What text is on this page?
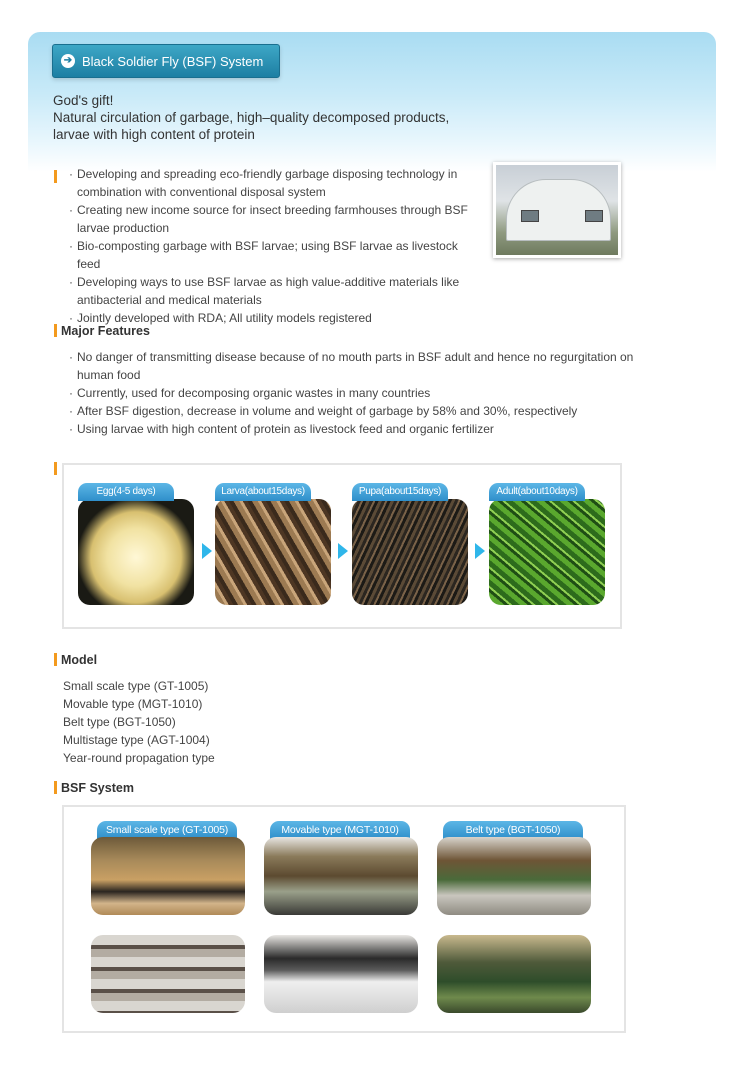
➔ Black Soldier Fly (BSF) System
God's gift!
Natural circulation of garbage, high–quality decomposed products,
larvae with high content of protein
· Developing and spreading eco-friendly garbage disposing technology in combination with conventional disposal system
· Creating new income source for insect breeding farmhouses through BSF larvae production
· Bio-composting garbage with BSF larvae; using BSF larvae as livestock feed
· Developing ways to use BSF larvae as high value-additive materials like antibacterial and medical materials
· Jointly developed with RDA; All utility models registered
Major Features
· No danger of transmitting disease because of no mouth parts in BSF adult and hence no regurgitation on human food
· Currently, used for decomposing organic wastes in many countries
· After BSF digestion, decrease in volume and weight of garbage by 58% and 30%, respectively
· Using larvae with high content of protein as livestock feed and organic fertilizer
Egg(4-5 days)	Larva(about15days)	Pupa(about15days)	Adult(about10days)
Model
Small scale type (GT-1005)
Movable type (MGT-1010)
Belt type (BGT-1050)
Multistage type (AGT-1004)
Year-round propagation type
BSF System
Small scale type (GT-1005)	Movable type (MGT-1010)	Belt type (BGT-1050)
